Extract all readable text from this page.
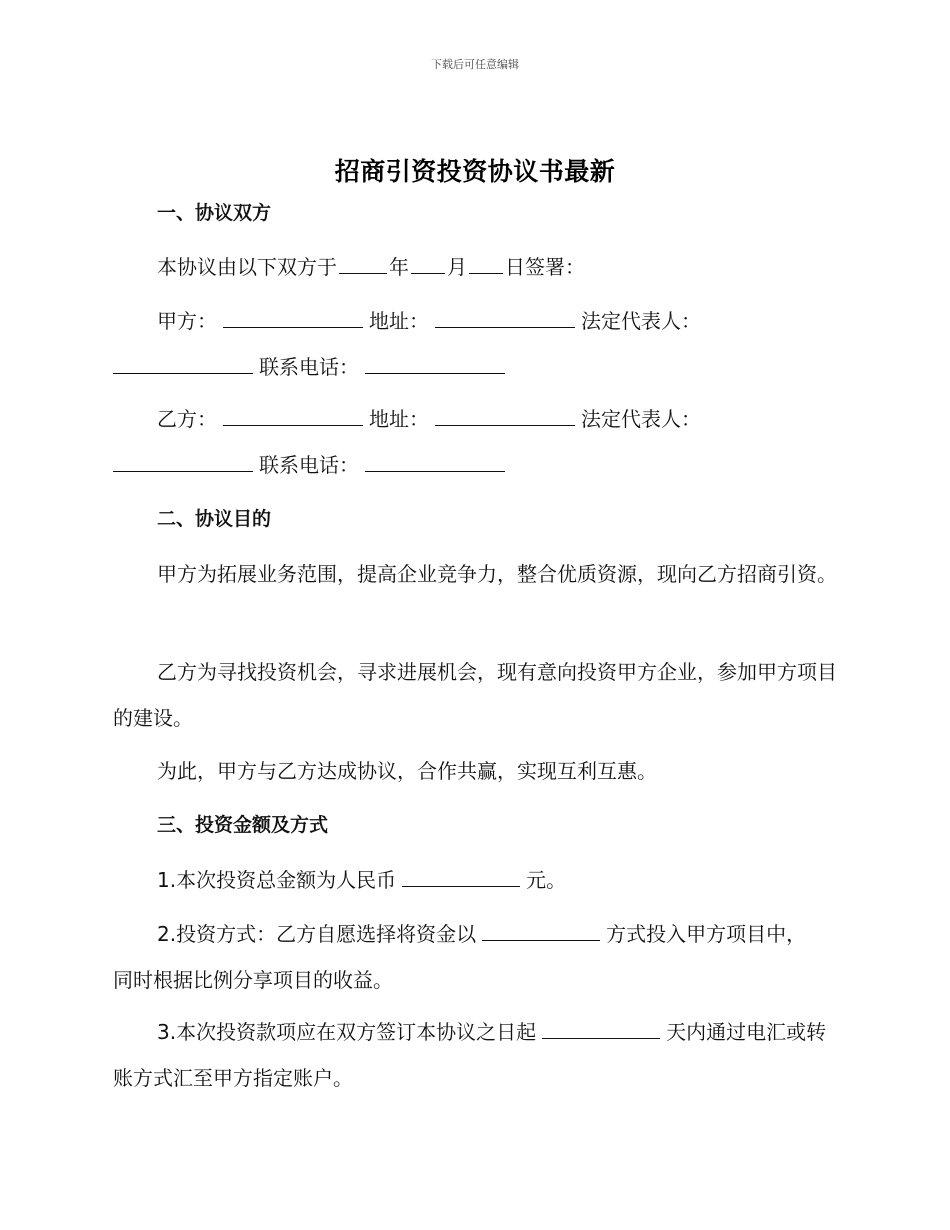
下载后可任意编辑
招商引资投资协议书最新
一、协议双方
本协议由以下双方于	年 月 日签署：
甲方：	地址：	法定代表人： 联系电话：
乙方：	地址：	法定代表人： 联系电话：
二、协议目的
甲方为拓展业务范围，提高企业竞争力，整合优质资源，现向乙方招商引资。
乙方为寻找投资机会，寻求进展机会，现有意向投资甲方企业，参加甲方项目的建设。
为此，甲方与乙方达成协议，合作共赢，实现互利互惠。
三、投资金额及方式
1.本次投资总金额为人民币	元。
2.投资方式：乙方自愿选择将资金以	方式投入甲方项目中，同时根据比例分享项目的收益。
3.本次投资款项应在双方签订本协议之日起	天内通过电汇或转账方式汇至甲方指定账户。
